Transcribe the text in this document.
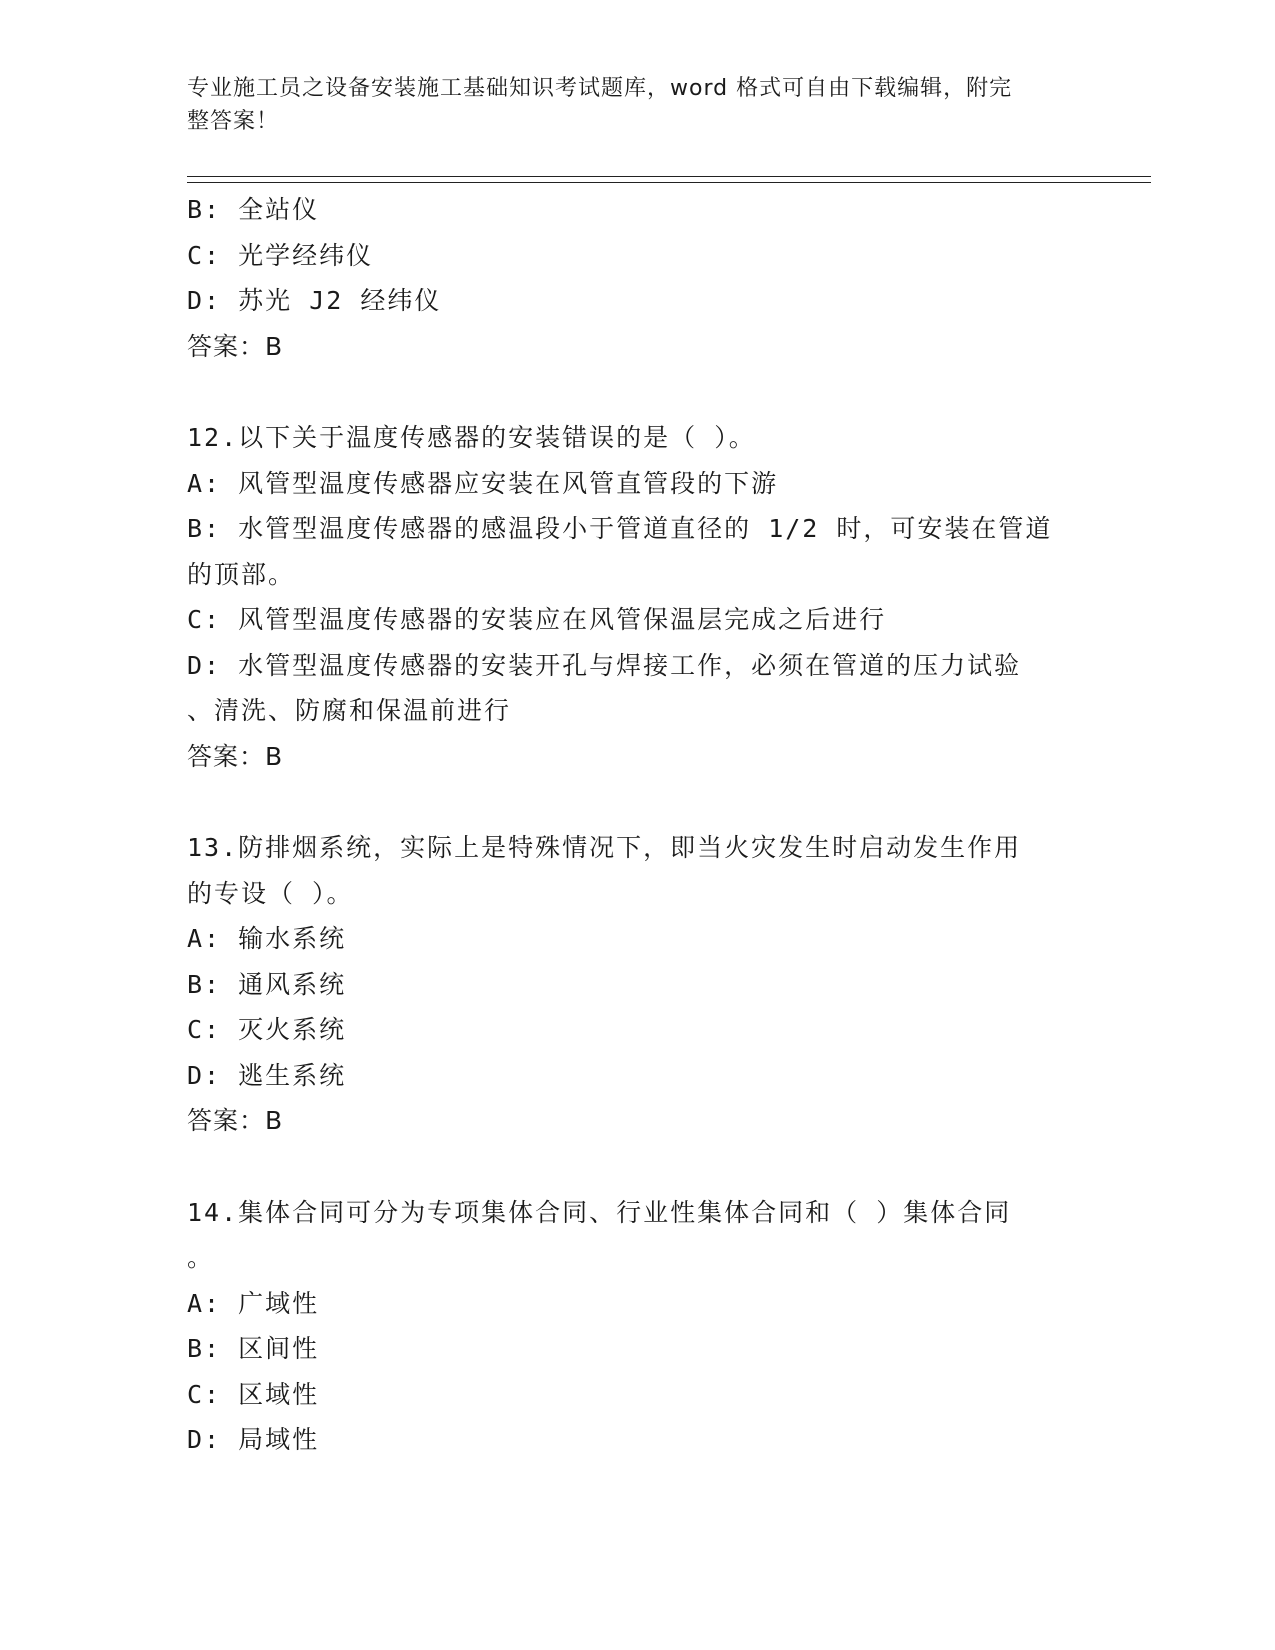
专业施工员之设备安装施工基础知识考试题库，word 格式可自由下载编辑，附完
整答案！
B: 全站仪
C: 光学经纬仪
D: 苏光 J2 经纬仪
答案：B
12.以下关于温度传感器的安装错误的是（ ）。
A: 风管型温度传感器应安装在风管直管段的下游
B: 水管型温度传感器的感温段小于管道直径的 1/2 时，可安装在管道
的顶部。
C: 风管型温度传感器的安装应在风管保温层完成之后进行
D: 水管型温度传感器的安装开孔与焊接工作，必须在管道的压力试验
、清洗、防腐和保温前进行
答案：B
13.防排烟系统，实际上是特殊情况下，即当火灾发生时启动发生作用
的专设（ ）。
A: 输水系统
B: 通风系统
C: 灭火系统
D: 逃生系统
答案：B
14.集体合同可分为专项集体合同、行业性集体合同和（ ）集体合同
。
A: 广域性
B: 区间性
C: 区域性
D: 局域性
